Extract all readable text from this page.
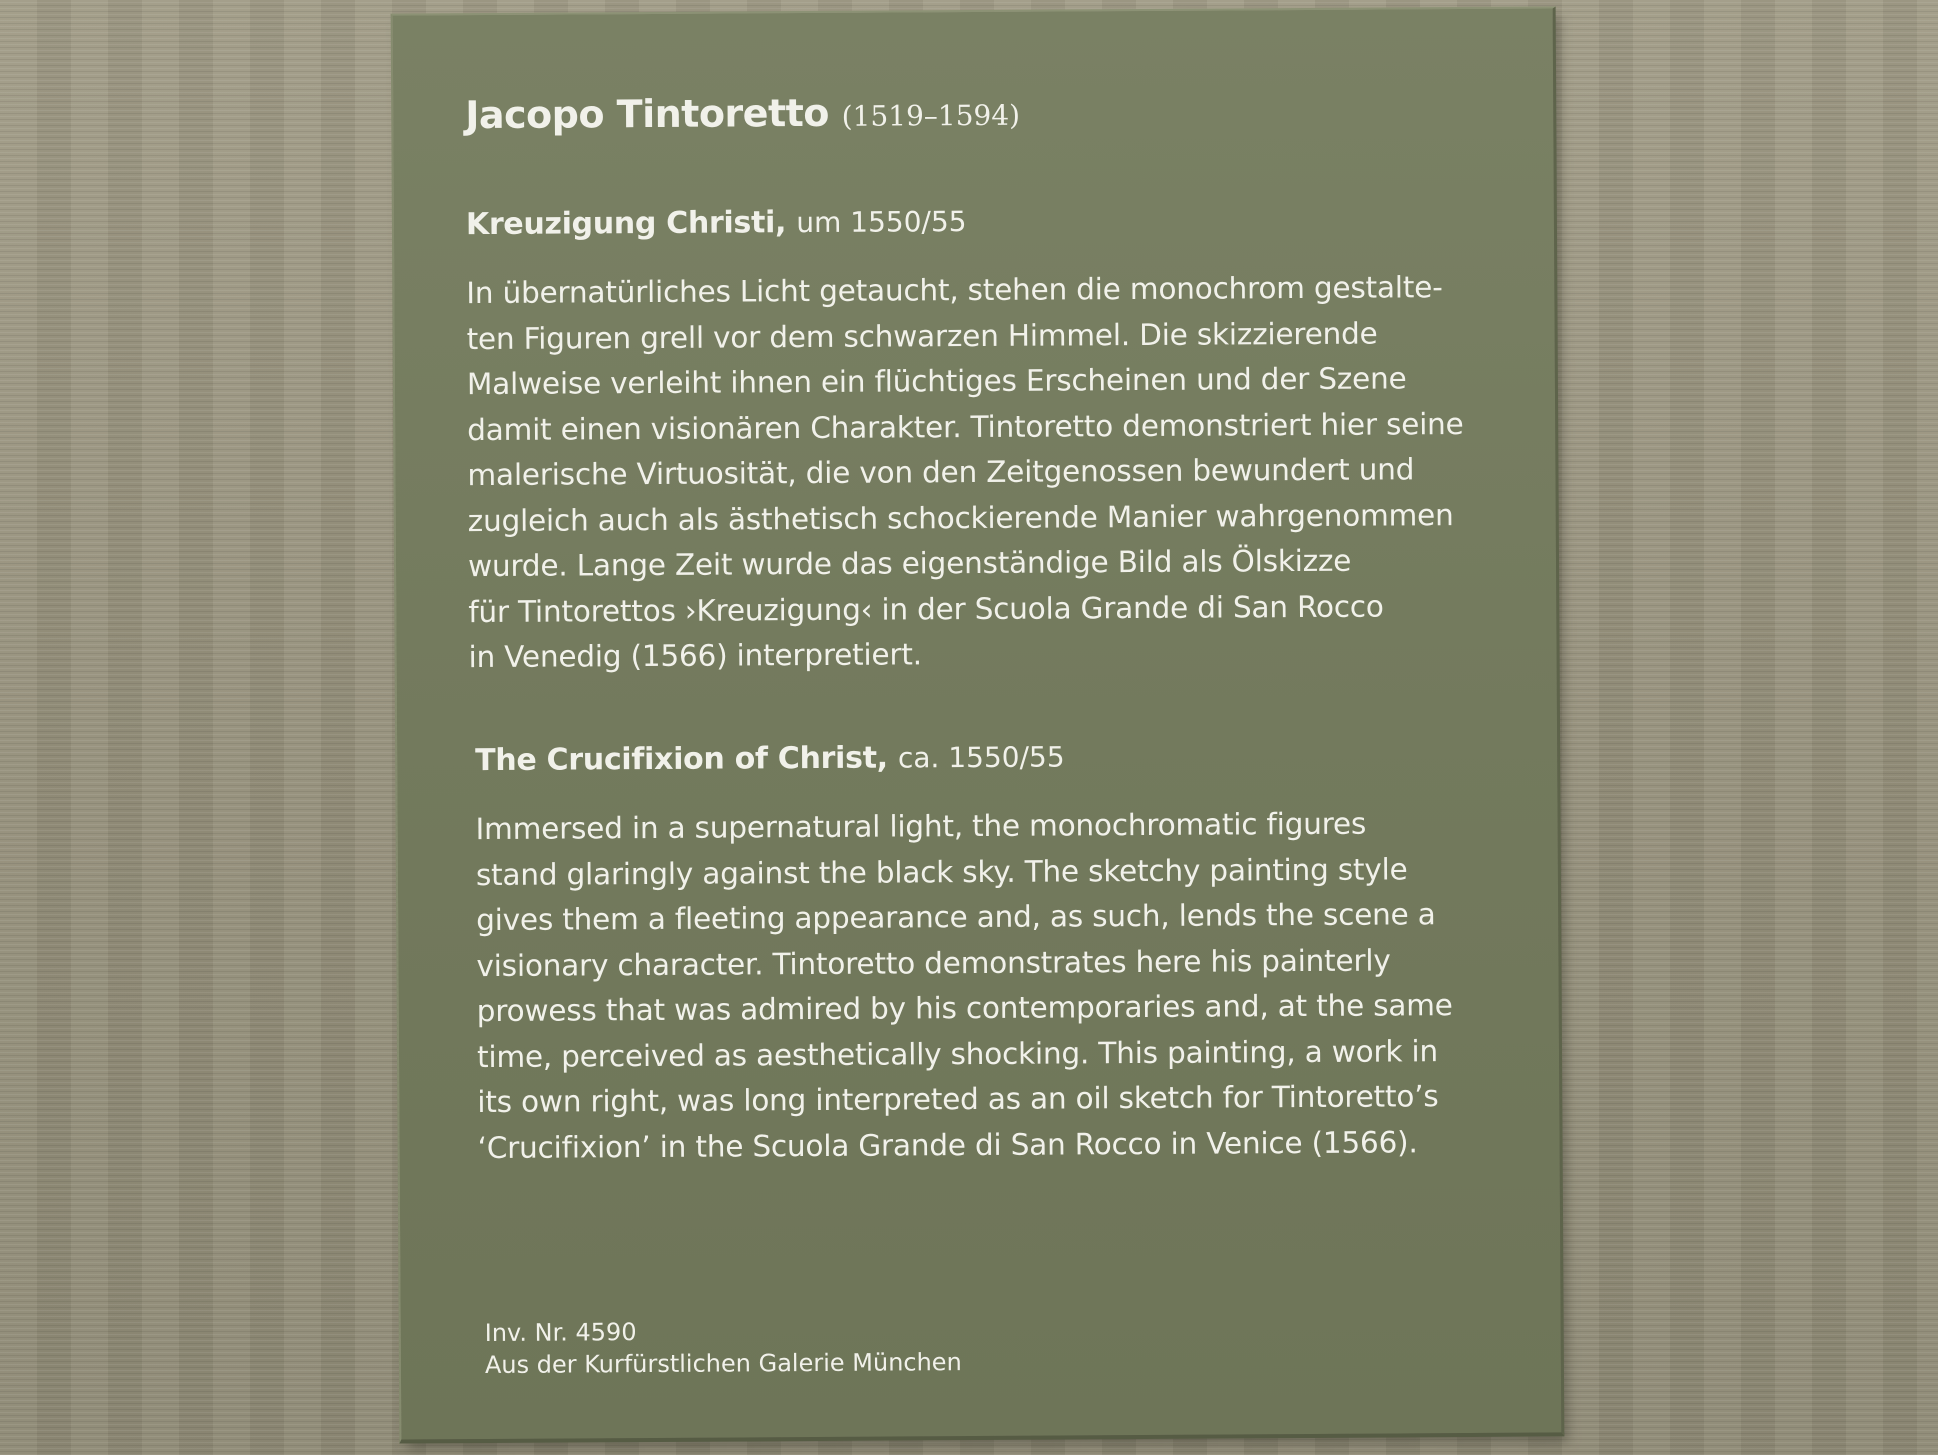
Jacopo Tintoretto (1519–1594)
Kreuzigung Christi, um 1550/55
In übernatürliches Licht getaucht, stehen die monochrom gestalte-
ten Figuren grell vor dem schwarzen Himmel. Die skizzierende
Malweise verleiht ihnen ein flüchtiges Erscheinen und der Szene
damit einen visionären Charakter. Tintoretto demonstriert hier seine
malerische Virtuosität, die von den Zeitgenossen bewundert und
zugleich auch als ästhetisch schockierende Manier wahrgenommen
wurde. Lange Zeit wurde das eigenständige Bild als Ölskizze
für Tintorettos ›Kreuzigung‹ in der Scuola Grande di San Rocco
in Venedig (1566) interpretiert.
The Crucifixion of Christ, ca. 1550/55
Immersed in a supernatural light, the monochromatic figures
stand glaringly against the black sky. The sketchy painting style
gives them a fleeting appearance and, as such, lends the scene a
visionary character. Tintoretto demonstrates here his painterly
prowess that was admired by his contemporaries and, at the same
time, perceived as aesthetically shocking. This painting, a work in
its own right, was long interpreted as an oil sketch for Tintoretto’s
‘Crucifixion’ in the Scuola Grande di San Rocco in Venice (1566).
Inv. Nr. 4590
Aus der Kurfürstlichen Galerie München
